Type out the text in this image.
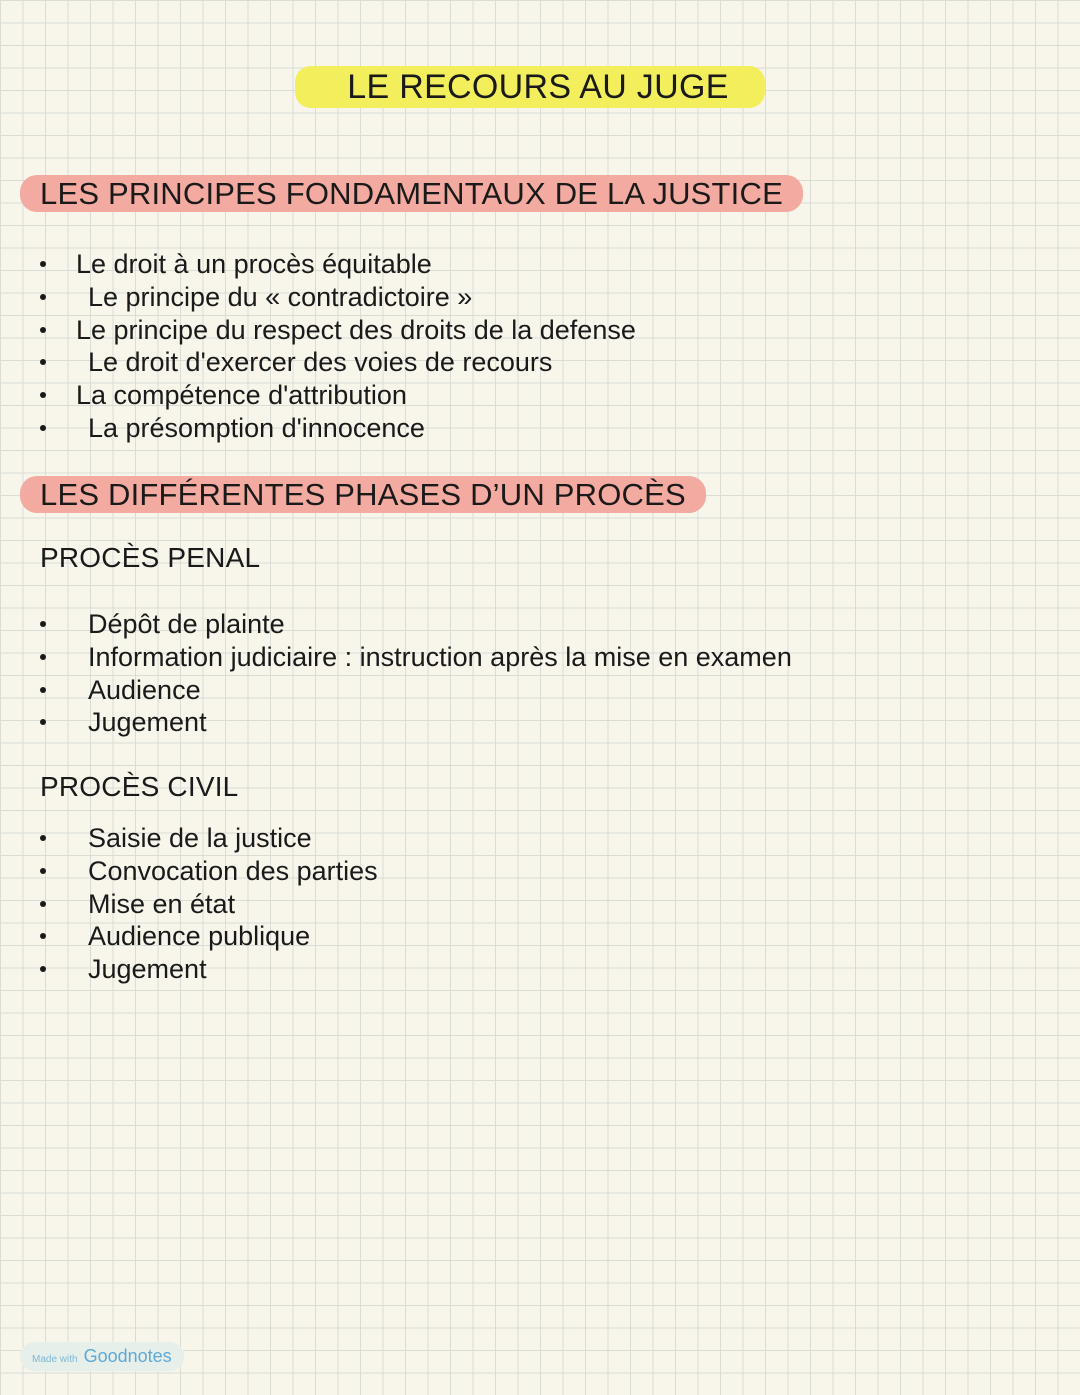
LE RECOURS AU JUGE
LES PRINCIPES FONDAMENTAUX DE LA JUSTICE
Le droit à un procès équitable
Le principe du « contradictoire »
Le principe du respect des droits de la defense
Le droit d'exercer des voies de recours
La compétence d'attribution
La présomption d'innocence
LES DIFFÉRENTES PHASES D’UN PROCÈS
PROCÈS PENAL
Dépôt de plainte
Information judiciaire : instruction après la mise en examen
Audience
Jugement
PROCÈS CIVIL
Saisie de la justice
Convocation des parties
Mise en état
Audience publique
Jugement
Made with Goodnotes
